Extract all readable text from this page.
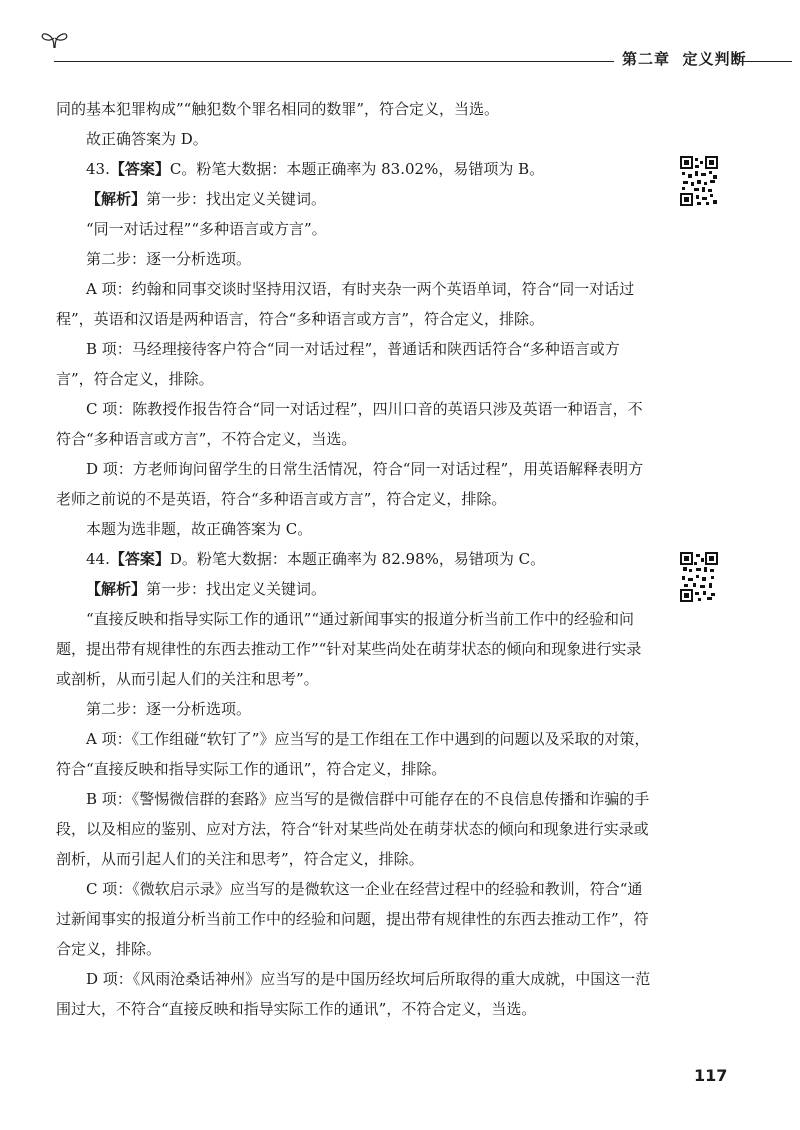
第二章 定义判断

同的基本犯罪构成”“触犯数个罪名相同的数罪”，符合定义，当选。

故正确答案为 D。

43.【答案】C。粉笔大数据：本题正确率为 83.02%，易错项为 B。

【解析】第一步：找出定义关键词。

“同一对话过程”“多种语言或方言”。

第二步：逐一分析选项。

A 项：约翰和同事交谈时坚持用汉语，有时夹杂一两个英语单词，符合“同一对话过程”，英语和汉语是两种语言，符合“多种语言或方言”，符合定义，排除。

B 项：马经理接待客户符合“同一对话过程”，普通话和陕西话符合“多种语言或方言”，符合定义，排除。

C 项：陈教授作报告符合“同一对话过程”，四川口音的英语只涉及英语一种语言，不符合“多种语言或方言”，不符合定义，当选。

D 项：方老师询问留学生的日常生活情况，符合“同一对话过程”，用英语解释表明方老师之前说的不是英语，符合“多种语言或方言”，符合定义，排除。

本题为选非题，故正确答案为 C。

44.【答案】D。粉笔大数据：本题正确率为 82.98%，易错项为 C。

【解析】第一步：找出定义关键词。

“直接反映和指导实际工作的通讯”“通过新闻事实的报道分析当前工作中的经验和问题，提出带有规律性的东西去推动工作”“针对某些尚处在萌芽状态的倾向和现象进行实录或剖析，从而引起人们的关注和思考”。

第二步：逐一分析选项。

A 项：《工作组碰“软钉了”》应当写的是工作组在工作中遇到的问题以及采取的对策，符合“直接反映和指导实际工作的通讯”，符合定义，排除。

B 项：《警惕微信群的套路》应当写的是微信群中可能存在的不良信息传播和诈骗的手段，以及相应的鉴别、应对方法，符合“针对某些尚处在萌芽状态的倾向和现象进行实录或剖析，从而引起人们的关注和思考”，符合定义，排除。

C 项：《微软启示录》应当写的是微软这一企业在经营过程中的经验和教训，符合“通过新闻事实的报道分析当前工作中的经验和问题，提出带有规律性的东西去推动工作”，符合定义，排除。

D 项：《风雨沧桑话神州》应当写的是中国历经坎坷后所取得的重大成就，中国这一范围过大，不符合“直接反映和指导实际工作的通讯”，不符合定义，当选。

117
